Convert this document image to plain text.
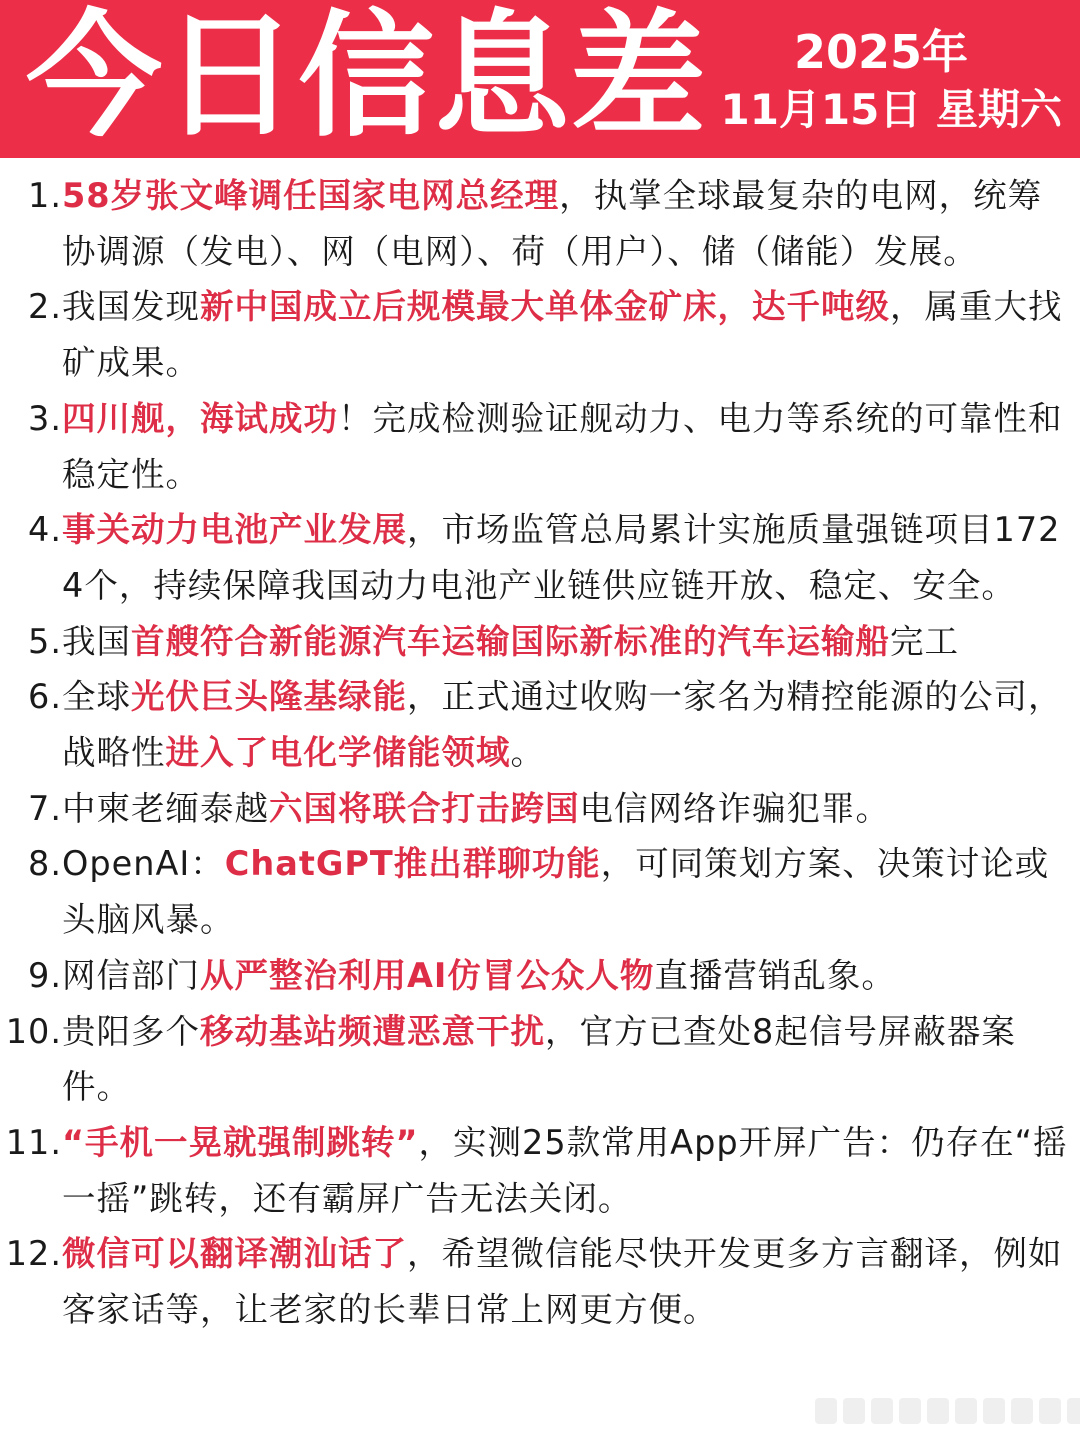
今日信息差 2025年
11月15日 星期六
1. 58岁张文峰调任国家电网总经理，执掌全球最复杂的电网，统筹协调源（发电）、网（电网）、荷（用户）、储（储能）发展。
2. 我国发现新中国成立后规模最大单体金矿床，达千吨级，属重大找矿成果。
3. 四川舰，海试成功！完成检测验证舰动力、电力等系统的可靠性和稳定性。
4. 事关动力电池产业发展，市场监管总局累计实施质量强链项目1724个，持续保障我国动力电池产业链供应链开放、稳定、安全。
5. 我国首艘符合新能源汽车运输国际新标准的汽车运输船完工
6. 全球光伏巨头隆基绿能，正式通过收购一家名为精控能源的公司，战略性进入了电化学储能领域。
7. 中柬老缅泰越六国将联合打击跨国电信网络诈骗犯罪。
8. OpenAI：ChatGPT推出群聊功能，可同策划方案、决策讨论或头脑风暴。
9. 网信部门从严整治利用AI仿冒公众人物直播营销乱象。
10. 贵阳多个移动基站频遭恶意干扰，官方已查处8起信号屏蔽器案件。
11. “手机一晃就强制跳转”，实测25款常用App开屏广告：仍存在“摇一摇”跳转，还有霸屏广告无法关闭。
12. 微信可以翻译潮汕话了，希望微信能尽快开发更多方言翻译，例如客家话等，让老家的长辈日常上网更方便。
